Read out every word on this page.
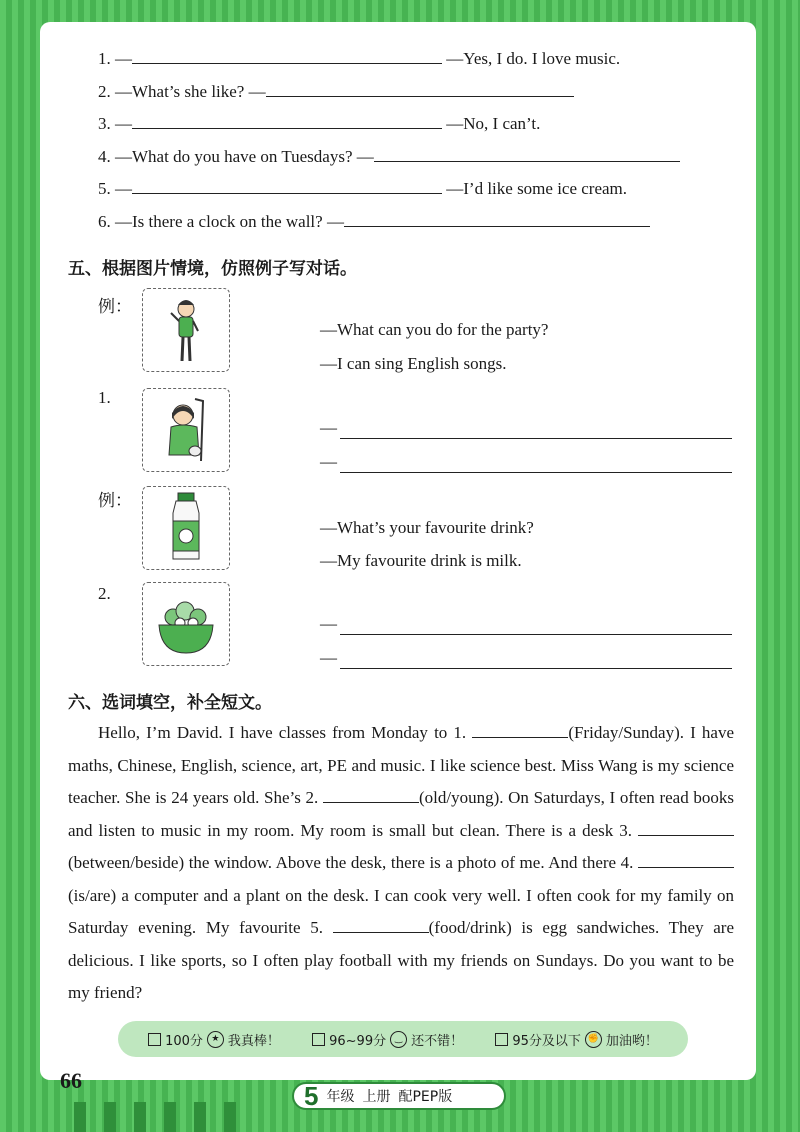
1. —	—Yes, I do. I love music.
2. —What’s she like? —
3. —	—No, I can’t.
4. —What do you have on Tuesdays? —
5. —	—I’d like some ice cream.
6. —Is there a clock on the wall? —
五、根据图片情境，仿照例子写对话。
例：
—What can you do for the party?
—I can sing English songs.
1.
—
—
例：
—What’s your favourite drink?
—My favourite drink is milk.
2.
—
—
六、选词填空，补全短文。
Hello, I’m David. I have classes from Monday to 1.	(Friday/Sunday). I have maths, Chinese, English, science, art, PE and music. I like science best. Miss Wang is my science teacher. She is 24 years old. She’s 2.	(old/young). On Saturdays, I often read books and listen to music in my room. My room is small but clean. There is a desk 3. (between/beside) the window. Above the desk, there is a photo of me. And there 4. (is/are) a computer and a plant on the desk. I can cook very well. I often cook for my family on Saturday evening. My favourite 5.	(food/drink) is egg sandwiches. They are delicious. I like sports, so I often play football with my friends on Sundays. Do you want to be my friend?
100分 ★ 我真棒！	96~99分 ‿ 还不错！	95分及以下 ✊ 加油哟！
66
5 年级 上册 配PEP版
